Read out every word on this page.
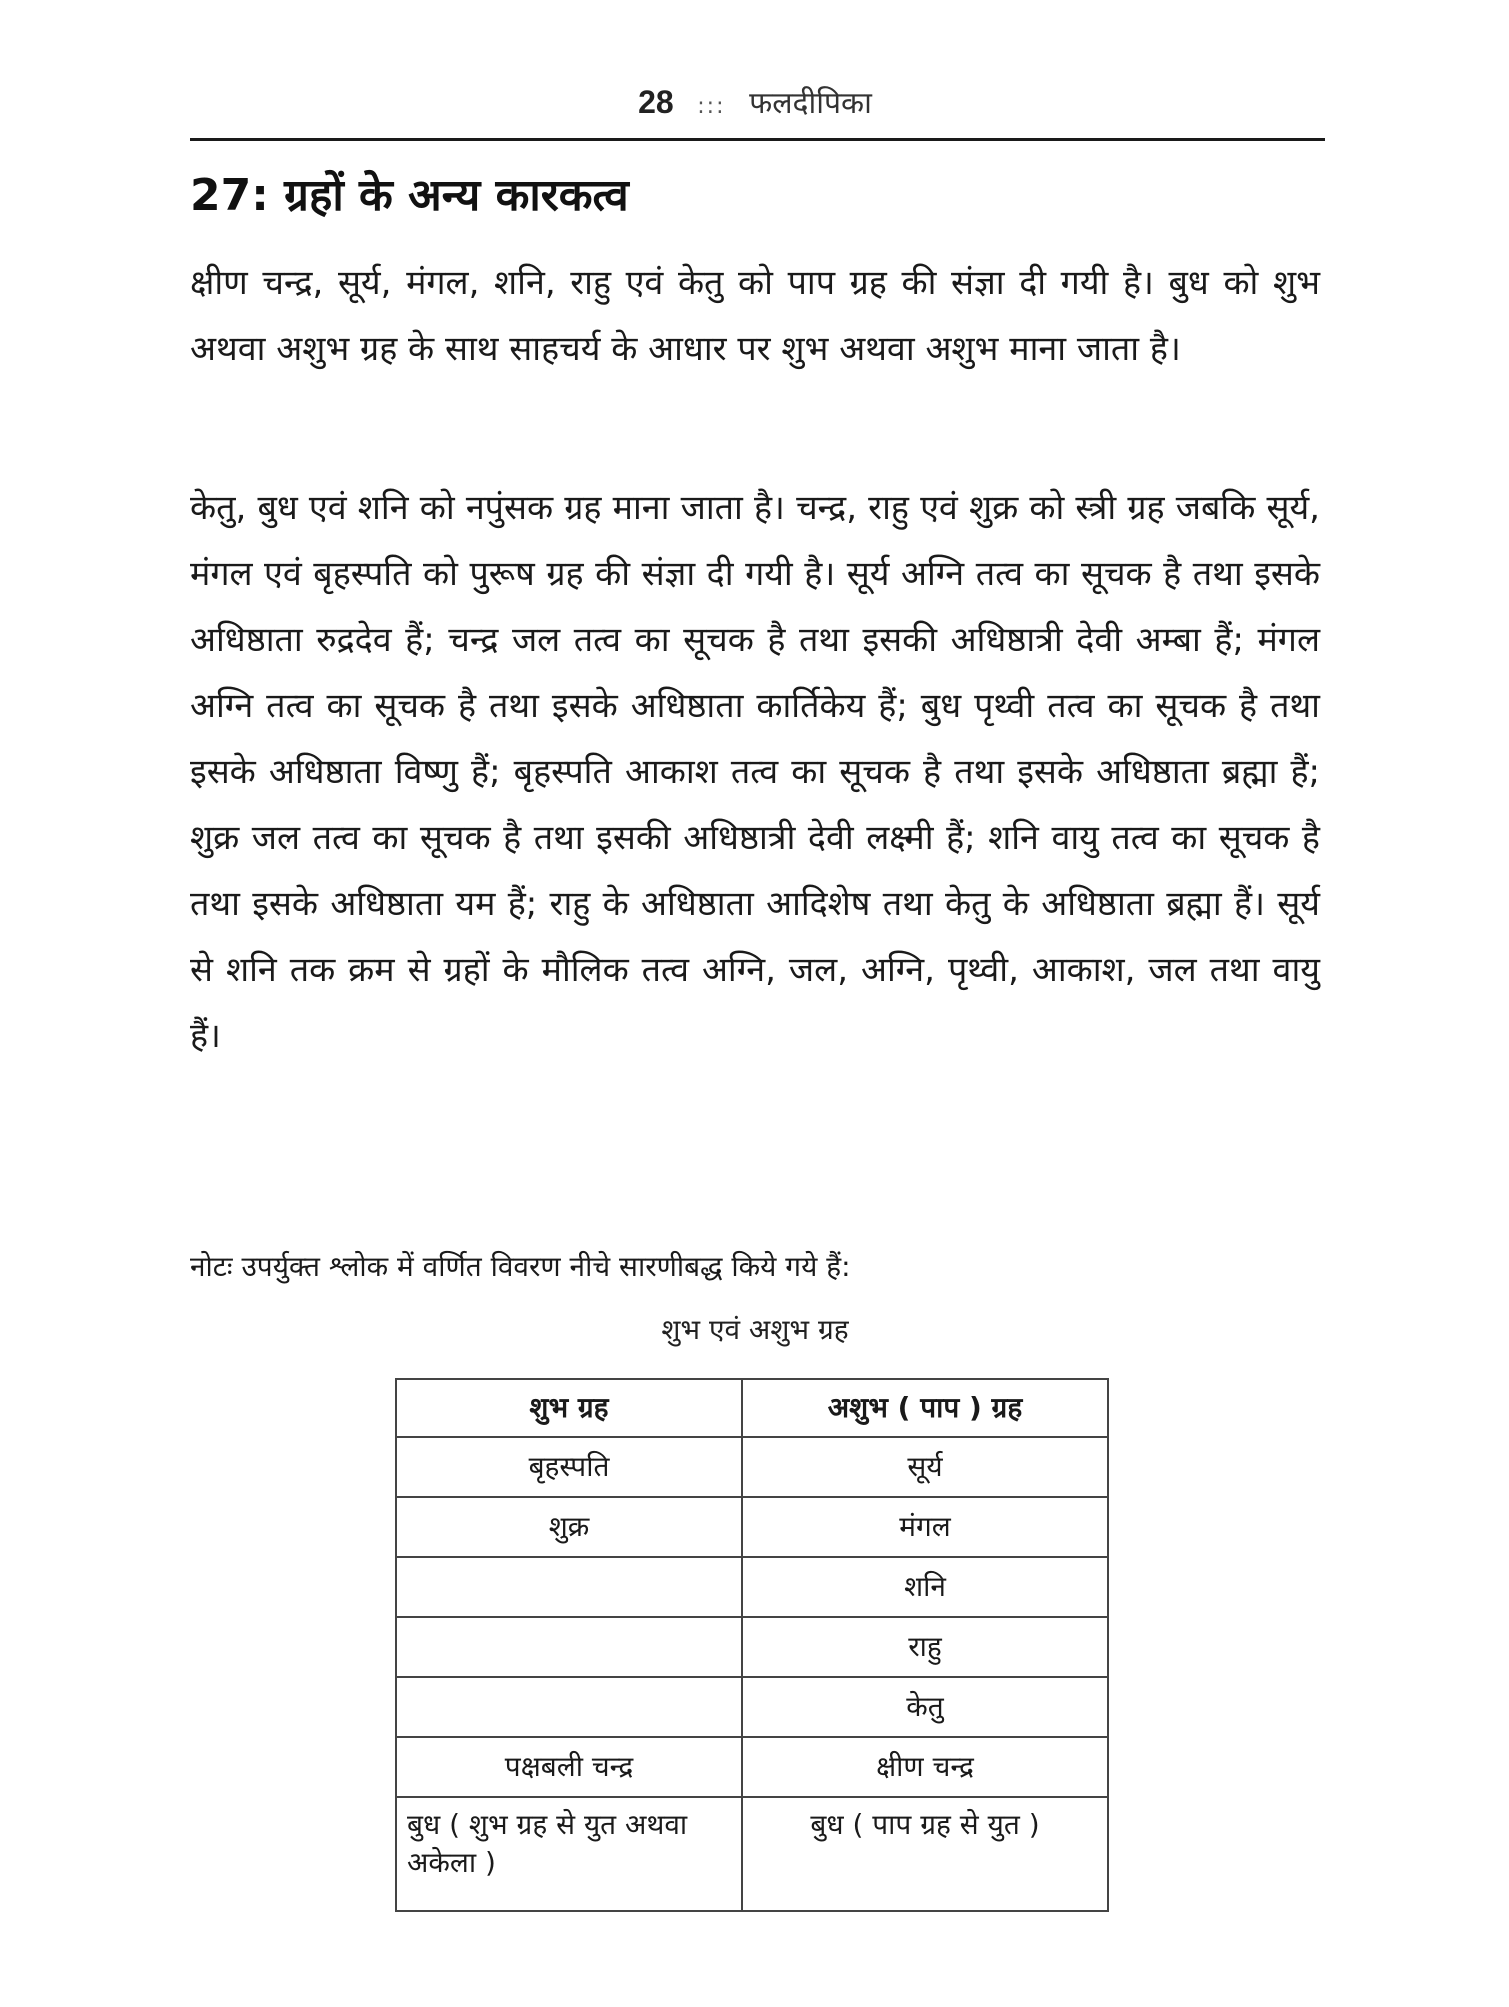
28 ::: फलदीपिका
27: ग्रहों के अन्य कारकत्व

क्षीण चन्द्र, सूर्य, मंगल, शनि, राहु एवं केतु को पाप ग्रह की संज्ञा दी गयी है। बुध को शुभ अथवा अशुभ ग्रह के साथ साहचर्य के आधार पर शुभ अथवा अशुभ माना जाता है।

केतु, बुध एवं शनि को नपुंसक ग्रह माना जाता है। चन्द्र, राहु एवं शुक्र को स्त्री ग्रह जबकि सूर्य, मंगल एवं बृहस्पति को पुरूष ग्रह की संज्ञा दी गयी है। सूर्य अग्नि तत्व का सूचक है तथा इसके अधिष्ठाता रुद्रदेव हैं; चन्द्र जल तत्व का सूचक है तथा इसकी अधिष्ठात्री देवी अम्बा हैं; मंगल अग्नि तत्व का सूचक है तथा इसके अधिष्ठाता कार्तिकेय हैं; बुध पृथ्वी तत्व का सूचक है तथा इसके अधिष्ठाता विष्णु हैं; बृहस्पति आकाश तत्व का सूचक है तथा इसके अधिष्ठाता ब्रह्मा हैं; शुक्र जल तत्व का सूचक है तथा इसकी अधिष्ठात्री देवी लक्ष्मी हैं; शनि वायु तत्व का सूचक है तथा इसके अधिष्ठाता यम हैं; राहु के अधिष्ठाता आदिशेष तथा केतु के अधिष्ठाता ब्रह्मा हैं। सूर्य से शनि तक क्रम से ग्रहों के मौलिक तत्व अग्नि, जल, अग्नि, पृथ्वी, आकाश, जल तथा वायु हैं।

नोटः उपर्युक्त श्लोक में वर्णित विवरण नीचे सारणीबद्ध किये गये हैं:

शुभ एवं अशुभ ग्रह

शुभ ग्रह	अशुभ ( पाप ) ग्रह
बृहस्पति	सूर्य
शुक्र	मंगल
	शनि
	राहु
	केतु
पक्षबली चन्द्र	क्षीण चन्द्र
बुध ( शुभ ग्रह से युत अथवा अकेला )	बुध ( पाप ग्रह से युत )
